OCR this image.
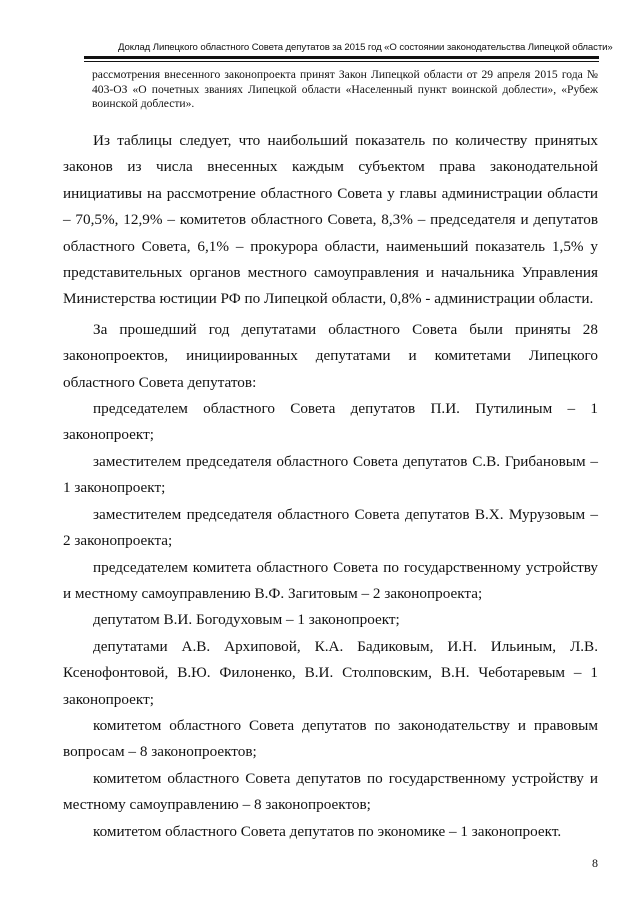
Доклад Липецкого областного Совета депутатов за 2015 год «О состоянии законодательства Липецкой области»

рассмотрения внесенного законопроекта принят Закон Липецкой области от 29 апреля 2015 года № 403-ОЗ «О почетных званиях Липецкой области «Населенный пункт воинской доблести», «Рубеж воинской доблести».

Из таблицы следует, что наибольший показатель по количеству принятых законов из числа внесенных каждым субъектом права законодательной инициативы на рассмотрение областного Совета у главы администрации области – 70,5%, 12,9% – комитетов областного Совета, 8,3% – председателя и депутатов областного Совета, 6,1% – прокурора области, наименьший показатель 1,5% у представительных органов местного самоуправления и начальника Управления Министерства юстиции РФ по Липецкой области, 0,8% - администрации области.

За прошедший год депутатами областного Совета были приняты 28 законопроектов, инициированных депутатами и комитетами Липецкого областного Совета депутатов:

председателем областного Совета депутатов П.И. Путилиным – 1 законопроект;

заместителем председателя областного Совета депутатов С.В. Грибановым – 1 законопроект;

заместителем председателя областного Совета депутатов В.Х. Мурузовым – 2 законопроекта;

председателем комитета областного Совета по государственному устройству и местному самоуправлению В.Ф. Загитовым – 2 законопроекта;

депутатом В.И. Богодуховым – 1 законопроект;

депутатами А.В. Архиповой, К.А. Бадиковым, И.Н. Ильиным, Л.В. Ксенофонтовой, В.Ю. Филоненко, В.И. Столповским, В.Н. Чеботаревым – 1 законопроект;

комитетом областного Совета депутатов по законодательству и правовым вопросам – 8 законопроектов;

комитетом областного Совета депутатов по государственному устройству и местному самоуправлению – 8 законопроектов;

комитетом областного Совета депутатов по экономике – 1 законопроект.

8
